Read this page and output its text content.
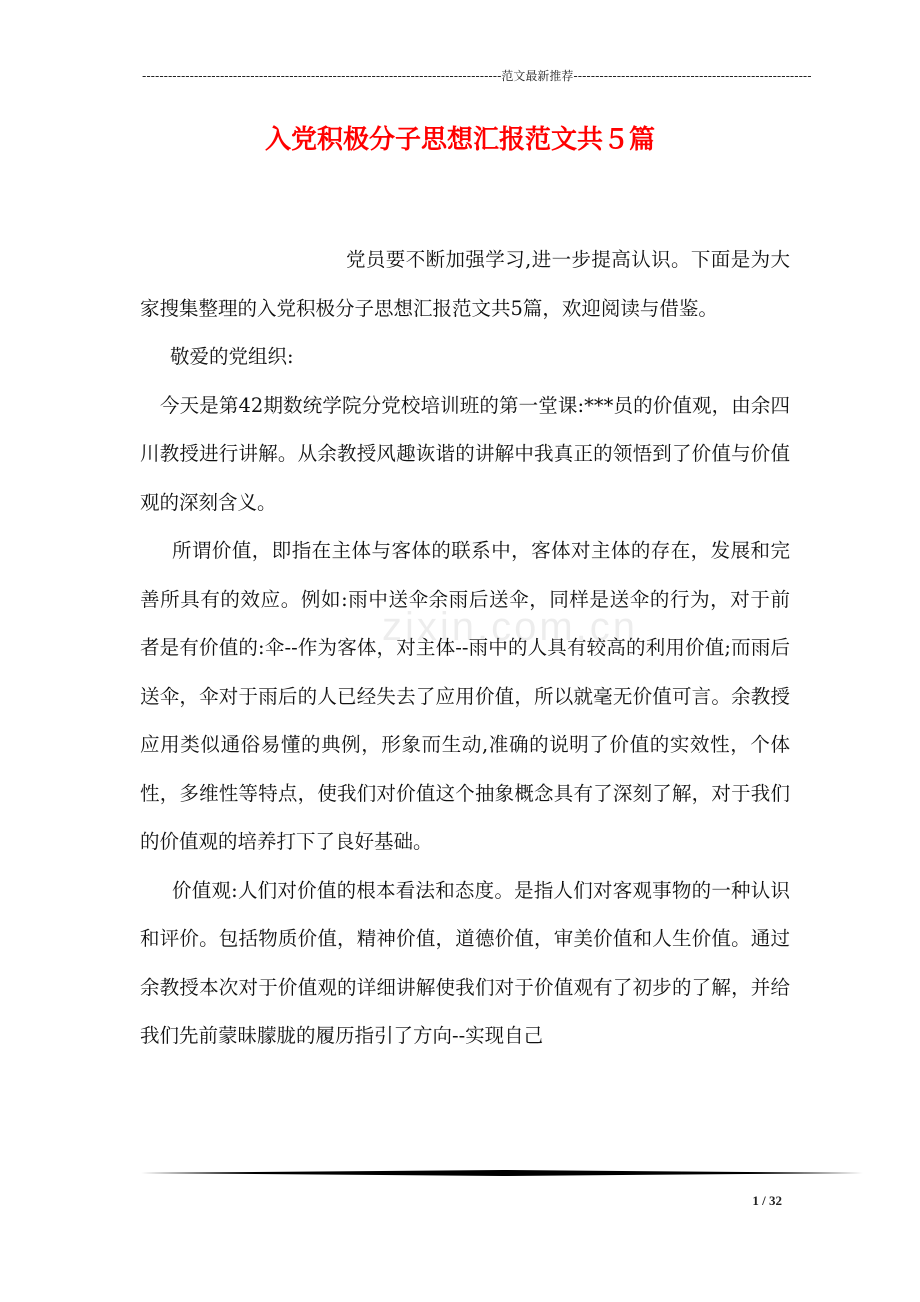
-----------------------------------------------------------------------------------范文最新推荐-------------------------------------------------------
入党积极分子思想汇报范文共５篇
zixin.com.cn

党员要不断加强学习,进一步提高认识。下面是为大家搜集整理的入党积极分子思想汇报范文共5篇，欢迎阅读与借鉴。

敬爱的党组织:

今天是第42期数统学院分党校培训班的第一堂课:***员的价值观，由余四川教授进行讲解。从余教授风趣诙谐的讲解中我真正的领悟到了价值与价值观的深刻含义。

所谓价值，即指在主体与客体的联系中，客体对主体的存在，发展和完善所具有的效应。例如:雨中送伞余雨后送伞，同样是送伞的行为，对于前者是有价值的:伞--作为客体，对主体--雨中的人具有较高的利用价值;而雨后送伞，伞对于雨后的人已经失去了应用价值，所以就毫无价值可言。余教授应用类似通俗易懂的典例，形象而生动,准确的说明了价值的实效性，个体性，多维性等特点，使我们对价值这个抽象概念具有了深刻了解，对于我们的价值观的培养打下了良好基础。

价值观:人们对价值的根本看法和态度。是指人们对客观事物的一种认识和评价。包括物质价值，精神价值，道德价值，审美价值和人生价值。通过余教授本次对于价值观的详细讲解使我们对于价值观有了初步的了解，并给我们先前蒙昧朦胧的履历指引了方向--实现自己

1 / 32
